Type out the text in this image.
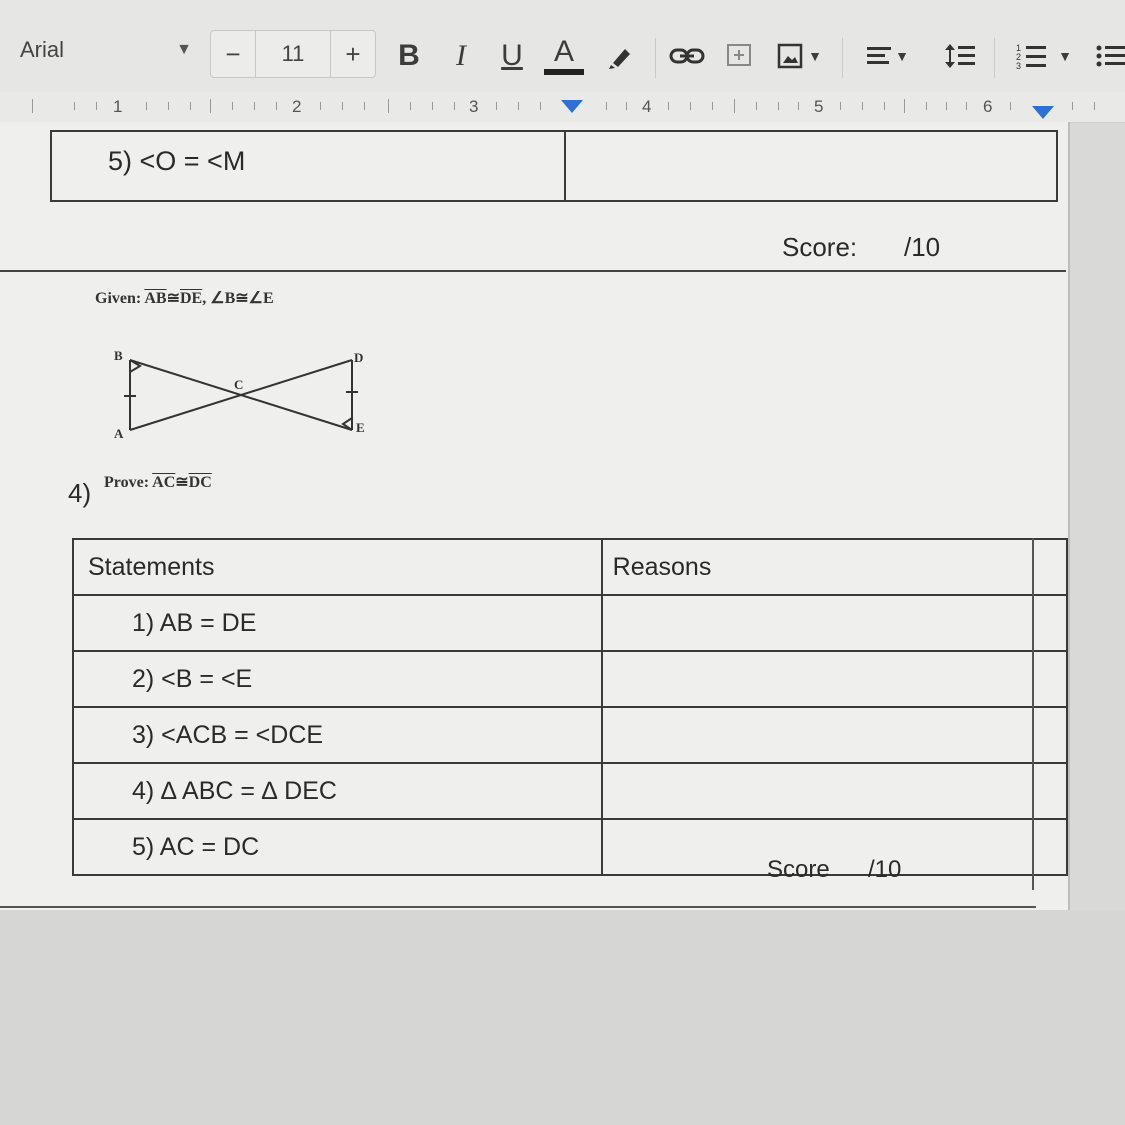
Arial	▼	−	11	+	B	I	U A	▼	▼	1
2
3
▼
1	2	3	4	5	6
5) <O = <M
Score: /10
Given: $\overline{AB}≅\overline{DE}$, ∠B≅∠E
B	D
C
A	E
4) Prove: $\overline{AC}≅\overline{DC}$
Statements	Reasons
1) AB = DE	
2) <B = <E	
3) <ACB = <DCE	
4) ∆ ABC = ∆ DEC	
5) AC = DC	
Score /10
